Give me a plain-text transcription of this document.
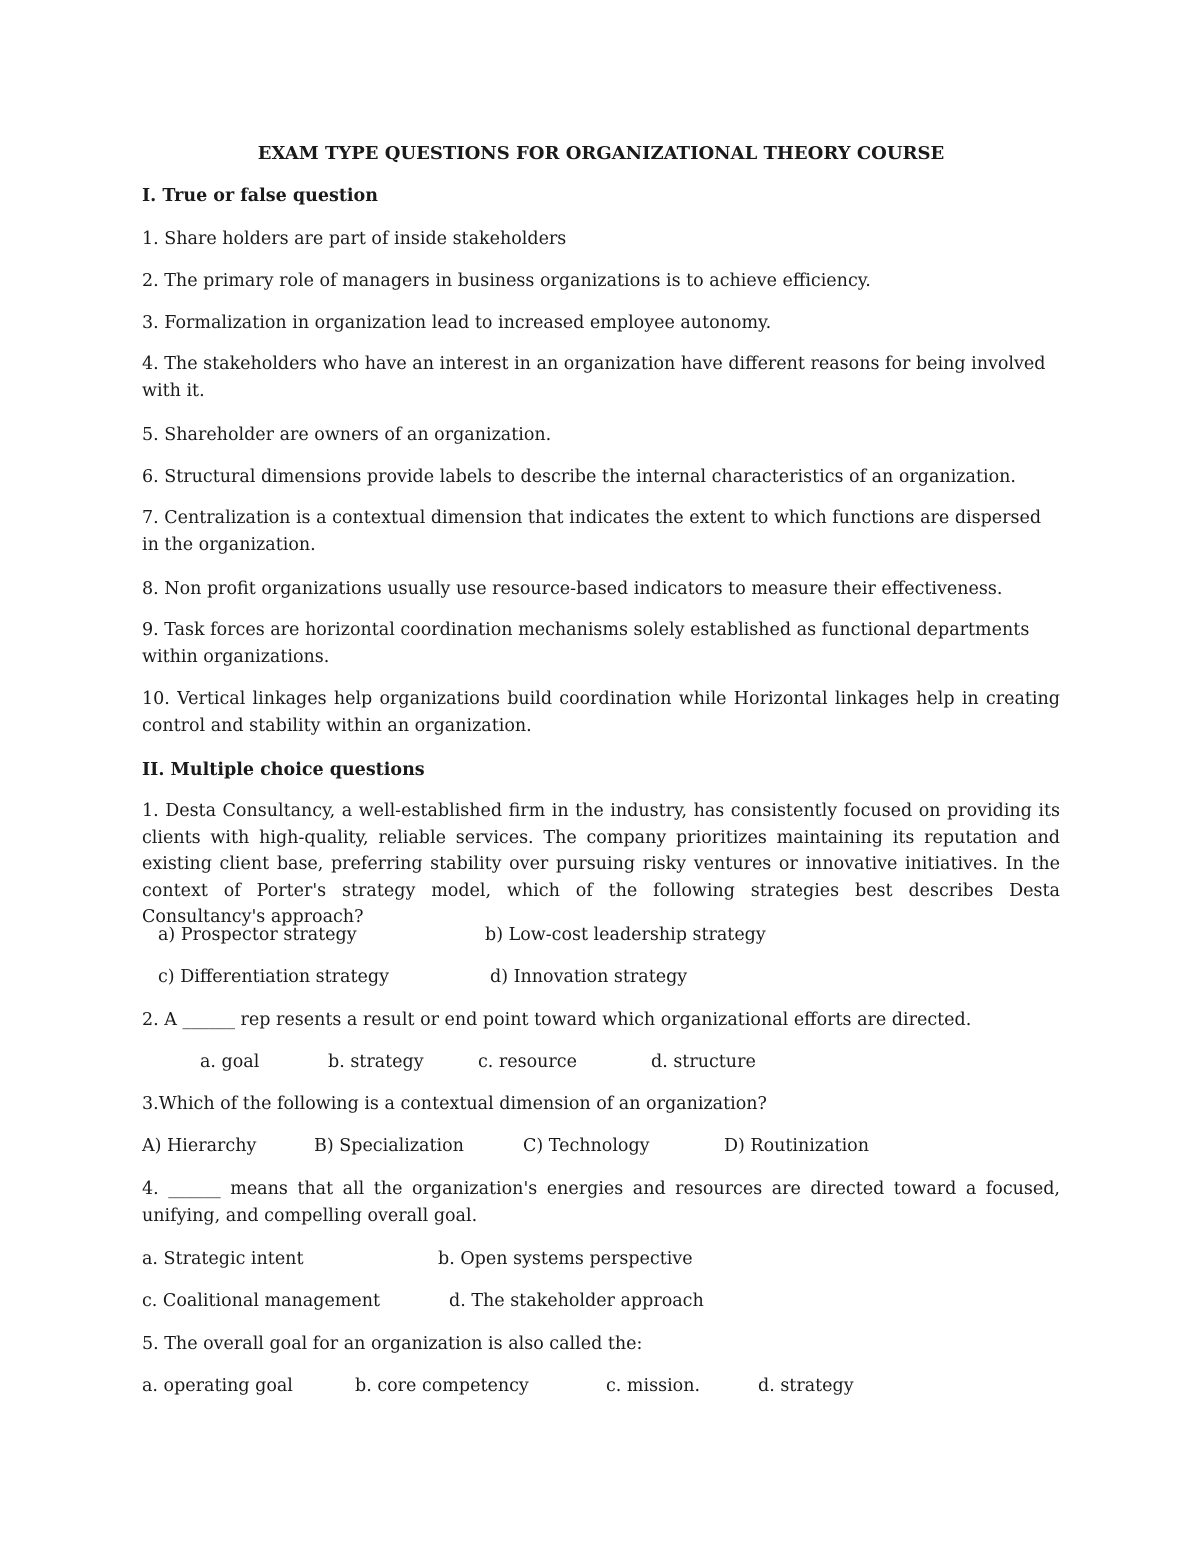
EXAM TYPE QUESTIONS FOR ORGANIZATIONAL THEORY COURSE
I. True or false question
1. Share holders are part of inside stakeholders
2. The primary role of managers in business organizations is to achieve efficiency.
3. Formalization in organization lead to increased employee autonomy.
4. The stakeholders who have an interest in an organization have different reasons for being involved with it.
5. Shareholder are owners of an organization.
6. Structural dimensions provide labels to describe the internal characteristics of an organization.
7. Centralization is a contextual dimension that indicates the extent to which functions are dispersed in the organization.
8. Non profit organizations usually use resource-based indicators to measure their effectiveness.
9. Task forces are horizontal coordination mechanisms solely established as functional departments within organizations.
10. Vertical linkages help organizations build coordination while Horizontal linkages help in creating control and stability within an organization.
II. Multiple choice questions
1. Desta Consultancy, a well-established firm in the industry, has consistently focused on providing its clients with high-quality, reliable services. The company prioritizes maintaining its reputation and existing client base, preferring stability over pursuing risky ventures or innovative initiatives. In the context of Porter's strategy model, which of the following strategies best describes Desta Consultancy's approach?
a) Prospector strategy	b) Low-cost leadership strategy
c) Differentiation strategy	d) Innovation strategy
2. A ______ rep resents a result or end point toward which organizational efforts are directed.
a. goal	b. strategy	c. resource	d. structure
3.Which of the following is a contextual dimension of an organization?
A) Hierarchy	B) Specialization	C) Technology	D) Routinization
4. ______ means that all the organization's energies and resources are directed toward a focused, unifying, and compelling overall goal.
a. Strategic intent	b. Open systems perspective
c. Coalitional management	d. The stakeholder approach
5. The overall goal for an organization is also called the:
a. operating goal	b. core competency	c. mission.	d. strategy
